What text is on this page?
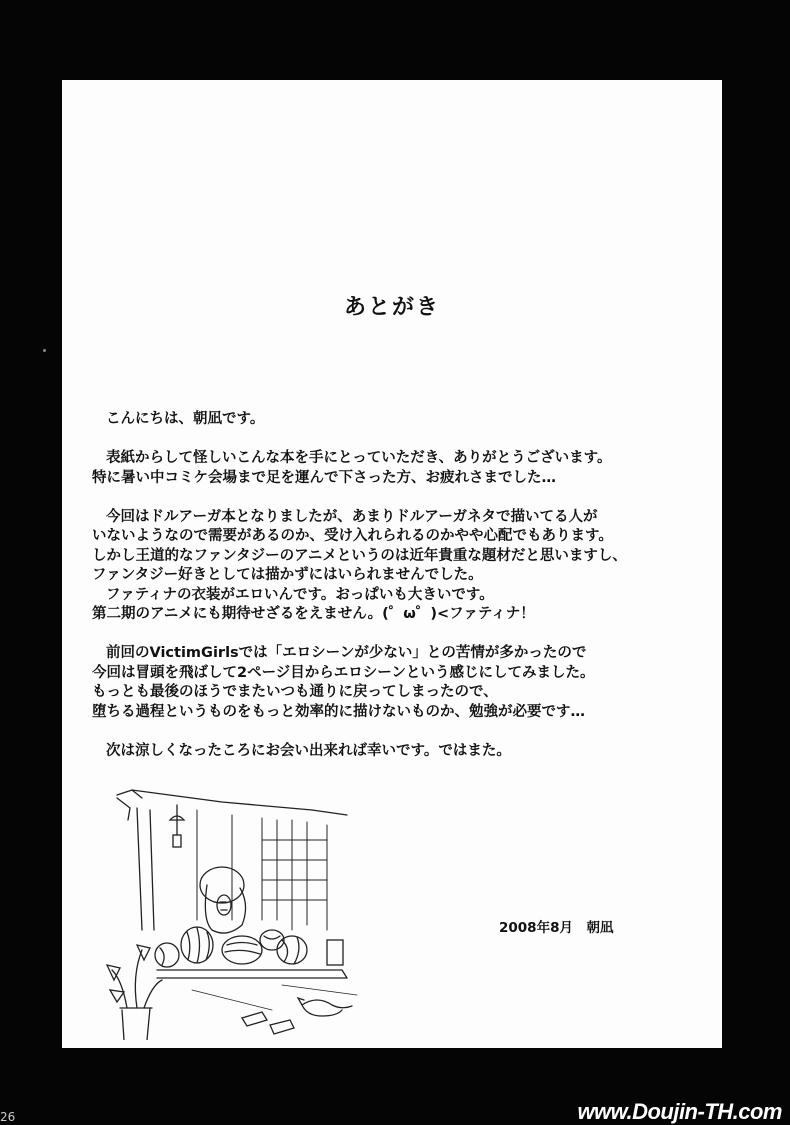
あとがき

こんにちは、朝凪です。

表紙からして怪しいこんな本を手にとっていただき、ありがとうございます。

特に暑い中コミケ会場まで足を運んで下さった方、お疲れさまでした…

今回はドルアーガ本となりましたが、あまりドルアーガネタで描いてる人が

いないようなので需要があるのか、受け入れられるのかやや心配でもあります。

しかし王道的なファンタジーのアニメというのは近年貴重な題材だと思いますし、

ファンタジー好きとしては描かずにはいられませんでした。

ファティナの衣装がエロいんです。おっぱいも大きいです。

第二期のアニメにも期待せざるをえません。(゜ω゜)<ファティナ！

前回のVictimGirlsでは「エロシーンが少ない」との苦情が多かったので

今回は冒頭を飛ばして2ページ目からエロシーンという感じにしてみました。

もっとも最後のほうでまたいつも通りに戻ってしまったので、

堕ちる過程というものをもっと効率的に描けないものか、勉強が必要です…

次は涼しくなったころにお会い出来れば幸いです。ではまた。

2008年8月　朝凪
26	www.Doujin-TH.com
